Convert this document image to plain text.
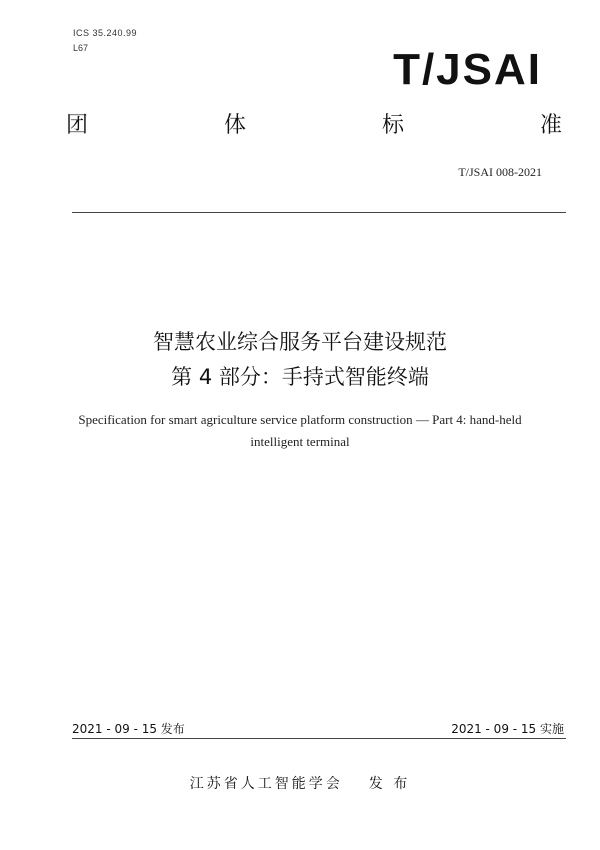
ICS 35.240.99
L67	T/JSAI
团	体	标	准
T/JSAI 008-2021
智慧农业综合服务平台建设规范
第 4 部分：手持式智能终端
Specification for smart agriculture service platform construction — Part 4: hand-held
intelligent terminal
2021 - 09 - 15 发布	2021 - 09 - 15 实施
江苏省人工智能学会 发 布
